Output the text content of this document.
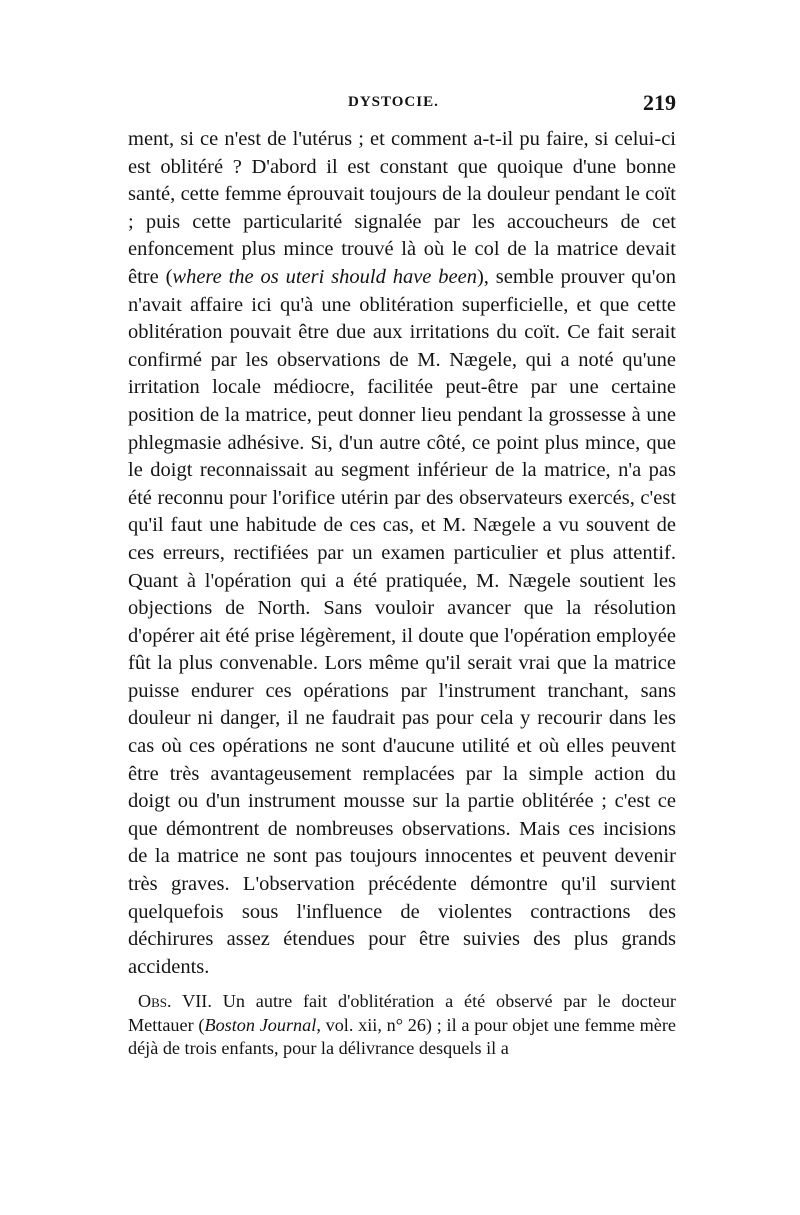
DYSTOCIE.	219

ment, si ce n'est de l'utérus ; et comment a-t-il pu faire, si celui-ci est oblitéré ? D'abord il est constant que quoique d'une bonne santé, cette femme éprouvait toujours de la douleur pendant le coït ; puis cette particularité signalée par les accoucheurs de cet enfoncement plus mince trouvé là où le col de la matrice devait être (where the os uteri should have been), semble prouver qu'on n'avait affaire ici qu'à une oblitération superficielle, et que cette oblitération pouvait être due aux irritations du coït. Ce fait serait confirmé par les observations de M. Nægele, qui a noté qu'une irritation locale médiocre, facilitée peut-être par une certaine position de la matrice, peut donner lieu pendant la grossesse à une phlegmasie adhésive. Si, d'un autre côté, ce point plus mince, que le doigt reconnaissait au segment inférieur de la matrice, n'a pas été reconnu pour l'orifice utérin par des observateurs exercés, c'est qu'il faut une habitude de ces cas, et M. Nægele a vu souvent de ces erreurs, rectifiées par un examen particulier et plus attentif. Quant à l'opération qui a été pratiquée, M. Nægele soutient les objections de North. Sans vouloir avancer que la résolution d'opérer ait été prise légèrement, il doute que l'opération employée fût la plus convenable. Lors même qu'il serait vrai que la matrice puisse endurer ces opérations par l'instrument tranchant, sans douleur ni danger, il ne faudrait pas pour cela y recourir dans les cas où ces opérations ne sont d'aucune utilité et où elles peuvent être très avantageusement remplacées par la simple action du doigt ou d'un instrument mousse sur la partie oblitérée ; c'est ce que démontrent de nombreuses observations. Mais ces incisions de la matrice ne sont pas toujours innocentes et peuvent devenir très graves. L'observation précédente démontre qu'il survient quelquefois sous l'influence de violentes contractions des déchirures assez étendues pour être suivies des plus grands accidents.

Obs. VII. Un autre fait d'oblitération a été observé par le docteur Mettauer (Boston Journal, vol. xii, n° 26) ; il a pour objet une femme mère déjà de trois enfants, pour la délivrance desquels il a
